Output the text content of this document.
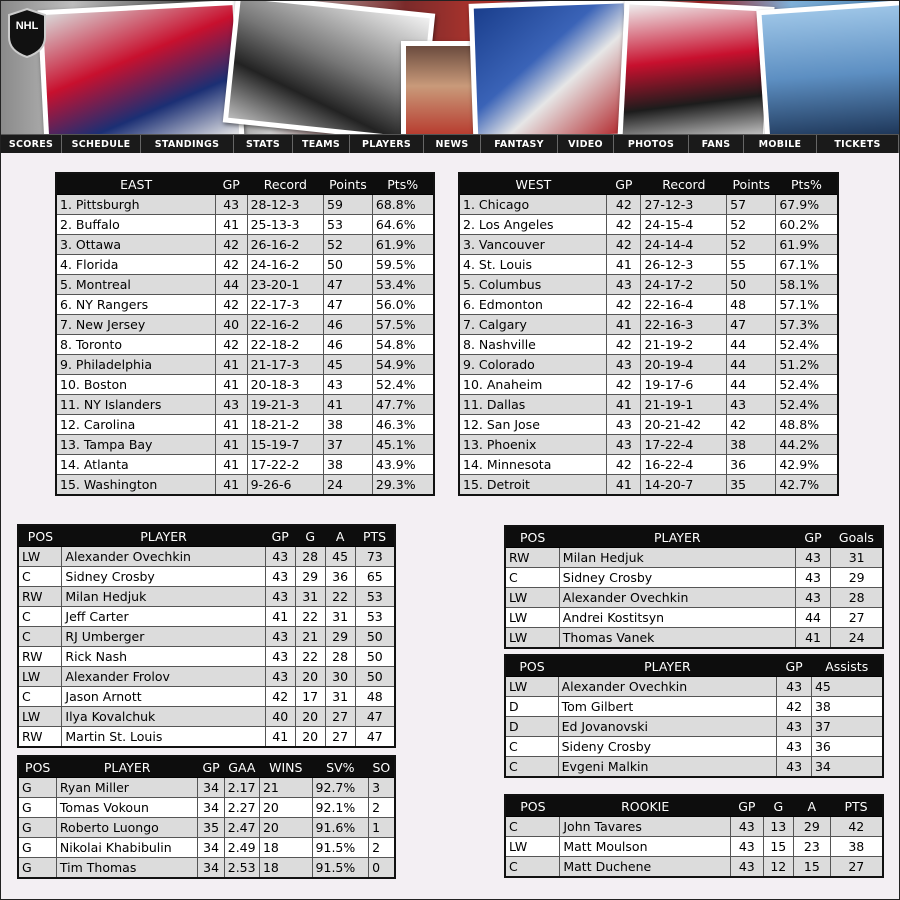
NHL
SCORES	SCHEDULE	STANDINGS	STATS	TEAMS	PLAYERS	NEWS	FANTASY	VIDEO	PHOTOS	FANS	MOBILE	TICKETS
EAST	GP	Record	Points	Pts%
1. Pittsburgh	43	28-12-3	59	68.8%
2. Buffalo	41	25-13-3	53	64.6%
3. Ottawa	42	26-16-2	52	61.9%
4. Florida	42	24-16-2	50	59.5%
5. Montreal	44	23-20-1	47	53.4%
6. NY Rangers	42	22-17-3	47	56.0%
7. New Jersey	40	22-16-2	46	57.5%
8. Toronto	42	22-18-2	46	54.8%
9. Philadelphia	41	21-17-3	45	54.9%
10. Boston	41	20-18-3	43	52.4%
11. NY Islanders	43	19-21-3	41	47.7%
12. Carolina	41	18-21-2	38	46.3%
13. Tampa Bay	41	15-19-7	37	45.1%
14. Atlanta	41	17-22-2	38	43.9%
15. Washington	41	9-26-6	24	29.3%
WEST	GP	Record	Points	Pts%
1. Chicago	42	27-12-3	57	67.9%
2. Los Angeles	42	24-15-4	52	60.2%
3. Vancouver	42	24-14-4	52	61.9%
4. St. Louis	41	26-12-3	55	67.1%
5. Columbus	43	24-17-2	50	58.1%
6. Edmonton	42	22-16-4	48	57.1%
7. Calgary	41	22-16-3	47	57.3%
8. Nashville	42	21-19-2	44	52.4%
9. Colorado	43	20-19-4	44	51.2%
10. Anaheim	42	19-17-6	44	52.4%
11. Dallas	41	21-19-1	43	52.4%
12. San Jose	43	20-21-42	42	48.8%
13. Phoenix	43	17-22-4	38	44.2%
14. Minnesota	42	16-22-4	36	42.9%
15. Detroit	41	14-20-7	35	42.7%
POS	PLAYER	GP	G	A	PTS
LW	Alexander Ovechkin	43	28	45	73
C	Sidney Crosby	43	29	36	65
RW	Milan Hedjuk	43	31	22	53
C	Jeff Carter	41	22	31	53
C	RJ Umberger	43	21	29	50
RW	Rick Nash	43	22	28	50
LW	Alexander Frolov	43	20	30	50
C	Jason Arnott	42	17	31	48
LW	Ilya Kovalchuk	40	20	27	47
RW	Martin St. Louis	41	20	27	47
POS	PLAYER	GP	GAA	WINS	SV%	SO
G	Ryan Miller	34	2.17	21	92.7%	3
G	Tomas Vokoun	34	2.27	20	92.1%	2
G	Roberto Luongo	35	2.47	20	91.6%	1
G	Nikolai Khabibulin	34	2.49	18	91.5%	2
G	Tim Thomas	34	2.53	18	91.5%	0
POS	PLAYER	GP	Goals
RW	Milan Hedjuk	43	31
C	Sidney Crosby	43	29
LW	Alexander Ovechkin	43	28
LW	Andrei Kostitsyn	44	27
LW	Thomas Vanek	41	24
POS	PLAYER	GP	Assists
LW	Alexander Ovechkin	43	45
D	Tom Gilbert	42	38
D	Ed Jovanovski	43	37
C	Sideny Crosby	43	36
C	Evgeni Malkin	43	34
POS	ROOKIE	GP	G	A	PTS
C	John Tavares	43	13	29	42
LW	Matt Moulson	43	15	23	38
C	Matt Duchene	43	12	15	27
